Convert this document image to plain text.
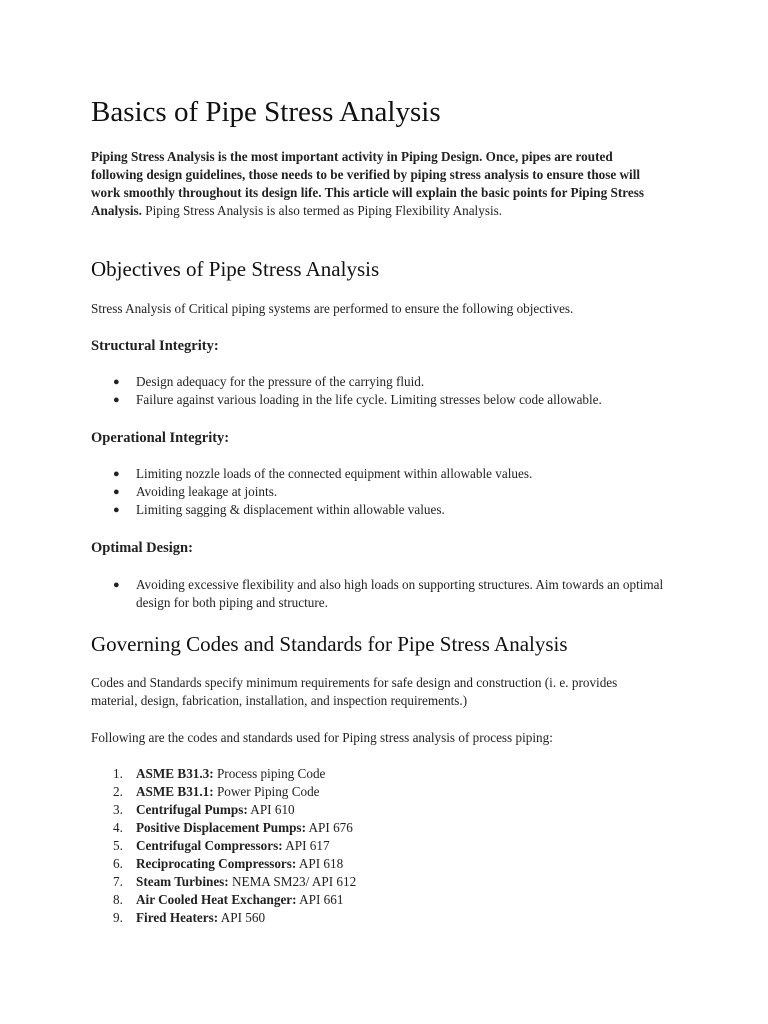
Basics of Pipe Stress Analysis

Piping Stress Analysis is the most important activity in Piping Design. Once, pipes are routed following design guidelines, those needs to be verified by piping stress analysis to ensure those will work smoothly throughout its design life. This article will explain the basic points for Piping Stress Analysis. Piping Stress Analysis is also termed as Piping Flexibility Analysis.

Objectives of Pipe Stress Analysis

Stress Analysis of Critical piping systems are performed to ensure the following objectives.

Structural Integrity:
● Design adequacy for the pressure of the carrying fluid.
● Failure against various loading in the life cycle. Limiting stresses below code allowable.
Operational Integrity:
● Limiting nozzle loads of the connected equipment within allowable values.
● Avoiding leakage at joints.
● Limiting sagging & displacement within allowable values.
Optimal Design:
● Avoiding excessive flexibility and also high loads on supporting structures. Aim towards an optimal design for both piping and structure.
Governing Codes and Standards for Pipe Stress Analysis

Codes and Standards specify minimum requirements for safe design and construction (i. e. provides material, design, fabrication, installation, and inspection requirements.)

Following are the codes and standards used for Piping stress analysis of process piping:

1. ASME B31.3: Process piping Code
2. ASME B31.1: Power Piping Code
3. Centrifugal Pumps: API 610
4. Positive Displacement Pumps: API 676
5. Centrifugal Compressors: API 617
6. Reciprocating Compressors: API 618
7. Steam Turbines: NEMA SM23/ API 612
8. Air Cooled Heat Exchanger: API 661
9. Fired Heaters: API 560
